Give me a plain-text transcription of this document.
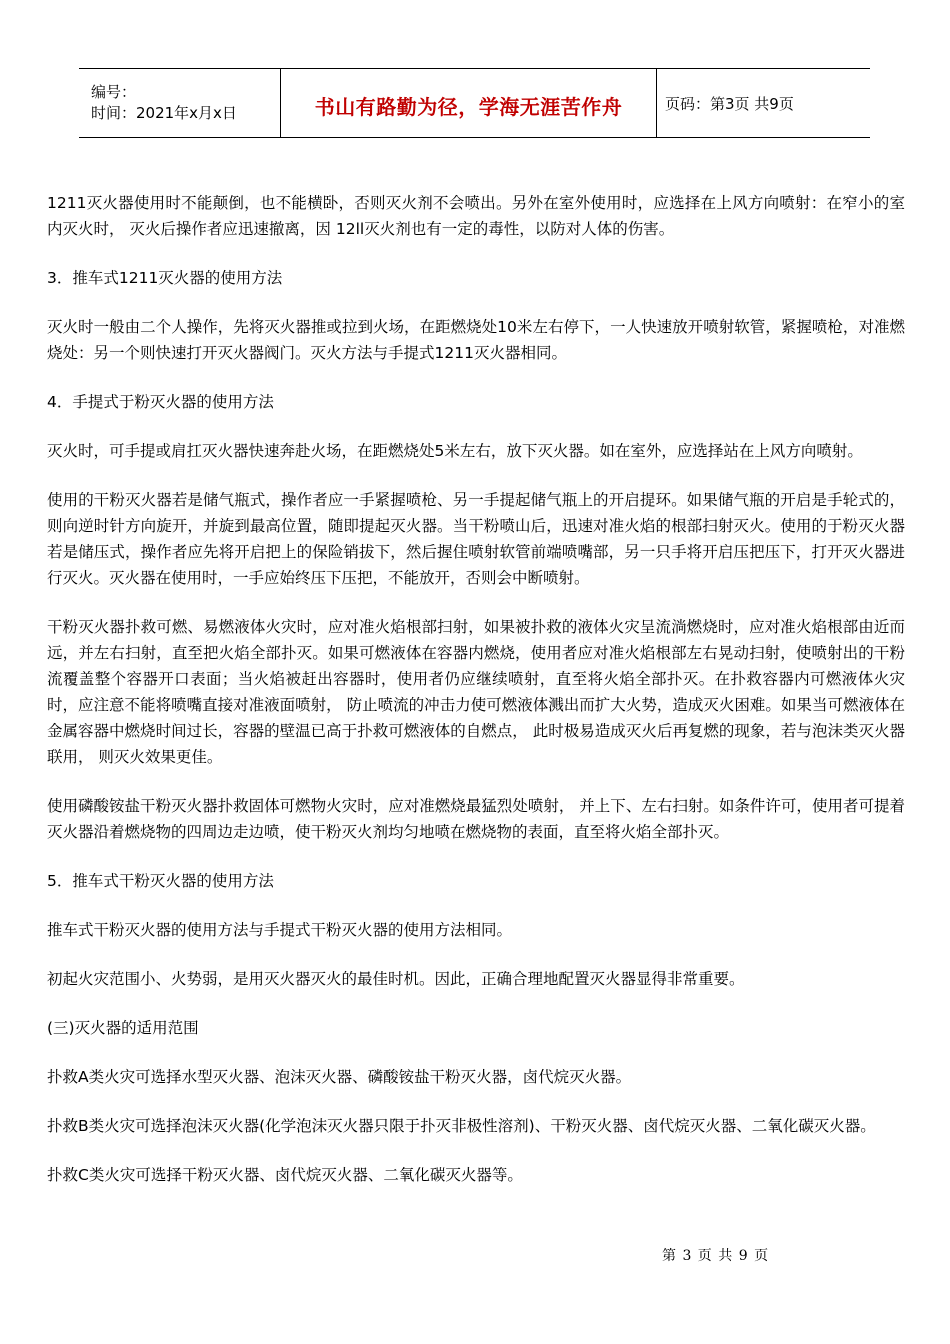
编号：
时间：2021年x月x日	书山有路勤为径，学海无涯苦作舟	页码：第3页 共9页

1211灭火器使用时不能颠倒，也不能横卧，否则灭火剂不会喷出。另外在室外使用时，应选择在上风方向喷射：在窄小的室内灭火时， 灭火后操作者应迅速撤离，因 12ll灭火剂也有一定的毒性，以防对人体的伤害。

3．推车式1211灭火器的使用方法

灭火时一般由二个人操作，先将灭火器推或拉到火场，在距燃烧处10米左右停下，一人快速放开喷射软管，紧握喷枪，对准燃烧处：另一个则快速打开灭火器阀门。灭火方法与手提式1211灭火器相同。

4．手提式于粉灭火器的使用方法

灭火时，可手提或肩扛灭火器快速奔赴火场，在距燃烧处5米左右，放下灭火器。如在室外，应选择站在上风方向喷射。

使用的干粉灭火器若是储气瓶式，操作者应一手紧握喷枪、另一手提起储气瓶上的开启提环。如果储气瓶的开启是手轮式的，则向逆时针方向旋开，并旋到最高位置，随即提起灭火器。当干粉喷山后，迅速对准火焰的根部扫射灭火。使用的于粉灭火器若是储压式，操作者应先将开启把上的保险销拔下，然后握住喷射软管前端喷嘴部，另一只手将开启压把压下，打开灭火器进行灭火。灭火器在使用时，一手应始终压下压把，不能放开，否则会中断喷射。

干粉灭火器扑救可燃、易燃液体火灾时，应对准火焰根部扫射，如果被扑救的液体火灾呈流淌燃烧时，应对准火焰根部由近而远，并左右扫射，直至把火焰全部扑灭。如果可燃液体在容器内燃烧，使用者应对准火焰根部左右晃动扫射，使喷射出的干粉流覆盖整个容器开口表面；当火焰被赶出容器时，使用者仍应继续喷射，直至将火焰全部扑灭。在扑救容器内可燃液体火灾时，应注意不能将喷嘴直接对准液面喷射， 防止喷流的冲击力使可燃液体溅出而扩大火势，造成灭火困难。如果当可燃液体在金属容器中燃烧时间过长，容器的壁温已高于扑救可燃液体的自燃点， 此时极易造成灭火后再复燃的现象，若与泡沫类灭火器联用， 则灭火效果更佳。

使用磷酸铵盐干粉灭火器扑救固体可燃物火灾时，应对准燃烧最猛烈处喷射， 并上下、左右扫射。如条件许可，使用者可提着灭火器沿着燃烧物的四周边走边喷，使干粉灭火剂均匀地喷在燃烧物的表面，直至将火焰全部扑灭。

5．推车式干粉灭火器的使用方法

推车式干粉灭火器的使用方法与手提式干粉灭火器的使用方法相同。

初起火灾范围小、火势弱，是用灭火器灭火的最佳时机。因此，正确合理地配置灭火器显得非常重要。

(三)灭火器的适用范围

扑救A类火灾可选择水型灭火器、泡沫灭火器、磷酸铵盐干粉灭火器，卤代烷灭火器。

扑救B类火灾可选择泡沫灭火器(化学泡沫灭火器只限于扑灭非极性溶剂)、干粉灭火器、卤代烷灭火器、二氧化碳灭火器。

扑救C类火灾可选择干粉灭火器、卤代烷灭火器、二氧化碳灭火器等。

第 3 页 共 9 页
